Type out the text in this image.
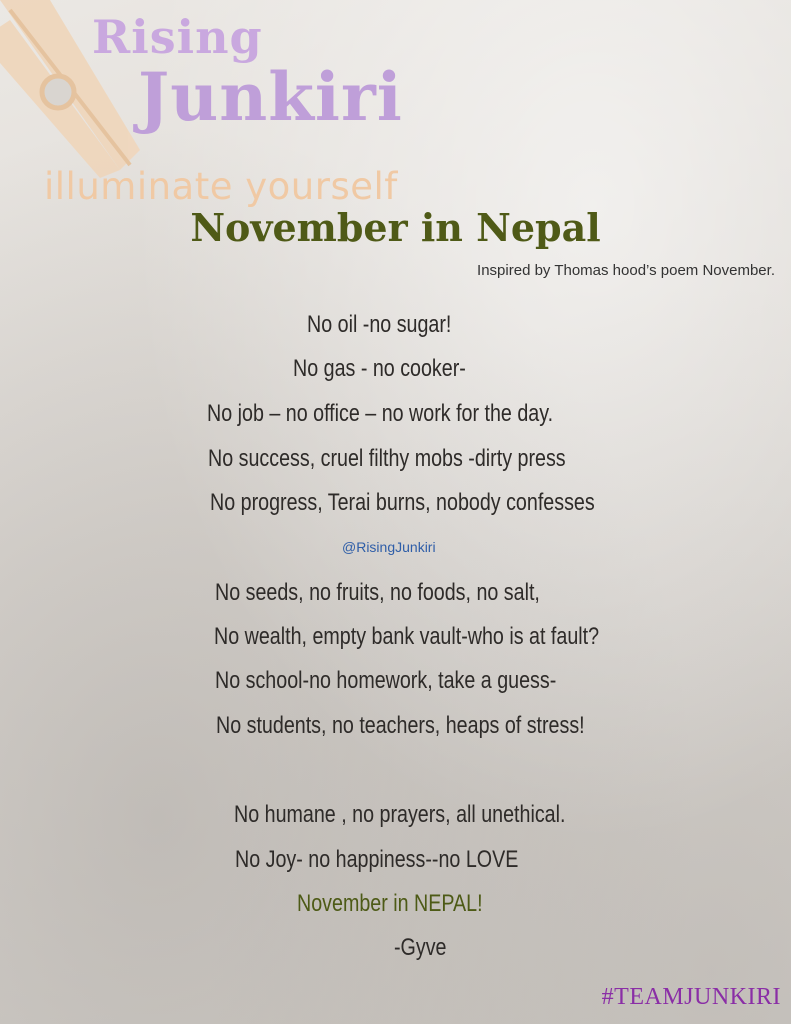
Rising

Junkiri

illuminate yourself

November in Nepal

Inspired by Thomas hood’s poem November.

No oil -no sugar!

No gas - no cooker-

No job – no office – no work for the day.

No success, cruel filthy mobs -dirty press

No progress, Terai burns, nobody confesses

@RisingJunkiri

No seeds, no fruits, no foods, no salt,

No wealth, empty bank vault-who is at fault?

No school-no homework, take a guess-

No students, no teachers, heaps of stress!

No humane , no prayers, all unethical.

No Joy- no happiness--no LOVE

November in NEPAL!

-Gyve

#TEAMJUNKIRI
